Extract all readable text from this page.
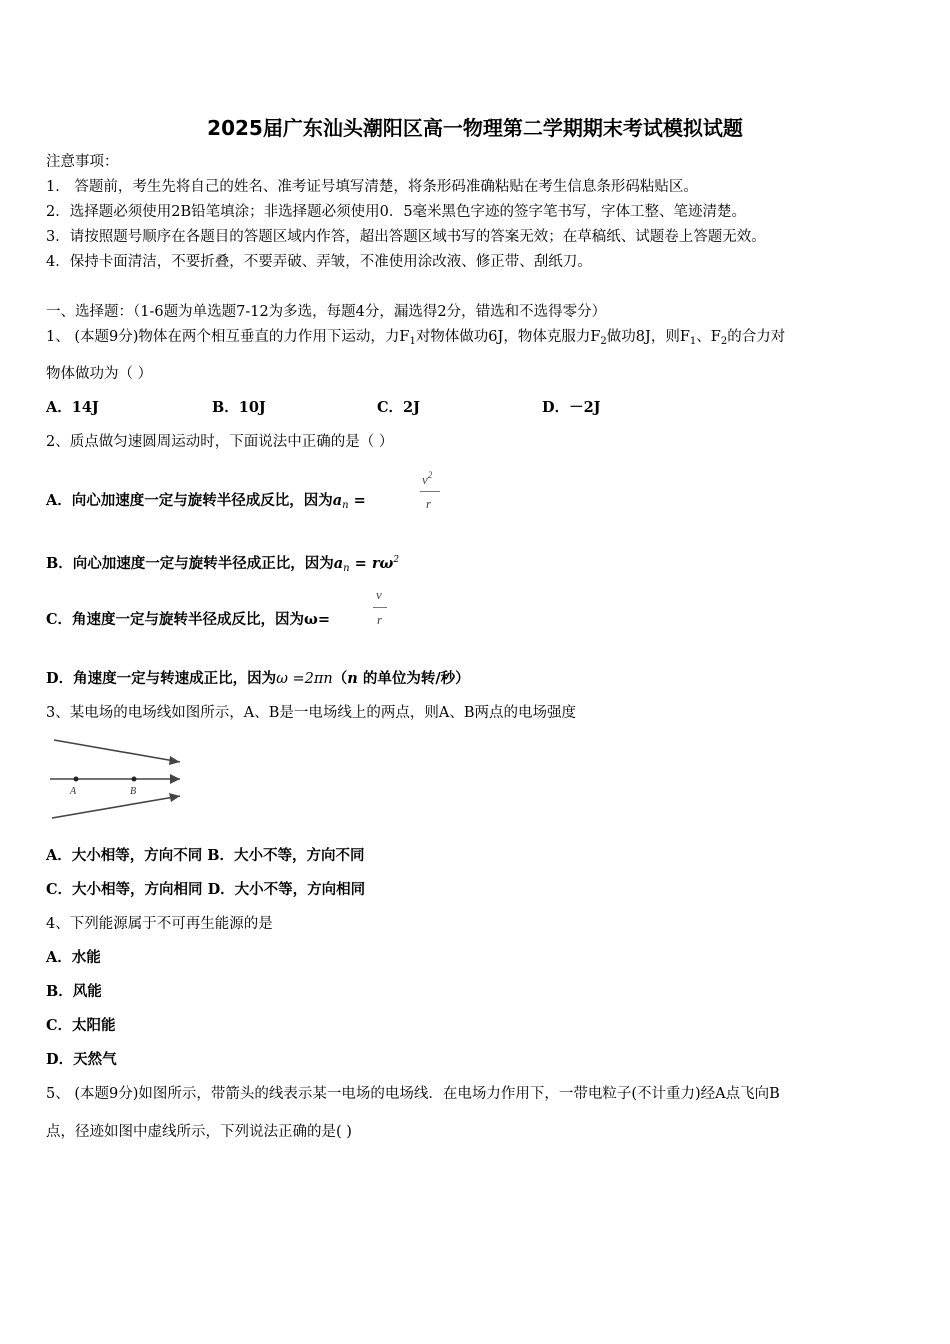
2025届广东汕头潮阳区高一物理第二学期期末考试模拟试题
注意事项：
1． 答题前，考生先将自己的姓名、准考证号填写清楚，将条形码准确粘贴在考生信息条形码粘贴区。
2．选择题必须使用2B铅笔填涂；非选择题必须使用0．5毫米黑色字迹的签字笔书写，字体工整、笔迹清楚。
3．请按照题号顺序在各题目的答题区域内作答，超出答题区域书写的答案无效；在草稿纸、试题卷上答题无效。
4．保持卡面清洁，不要折叠，不要弄破、弄皱，不准使用涂改液、修正带、刮纸刀。
一、选择题：（1-6题为单选题7-12为多选，每题4分，漏选得2分，错选和不选得零分）
1、 (本题9分)物体在两个相互垂直的力作用下运动，力$F_1$对物体做功6J，物体克服力$F_2$做功8J，则$F_1$、$F_2$的合力对
物体做功为（ ）
A．14J	B．10J	C．2J	D．－2J
2、质点做匀速圆周运动时，下面说法中正确的是（ ）
A．向心加速度一定与旋转半径成反比，因为$a_n$ =
$v^2$
r
B．向心加速度一定与旋转半径成正比，因为$a_n = r\omega^2$
C．角速度一定与旋转半径成反比，因为ω=
v
r
D．角速度一定与转速成正比，因为ω =2πn（n 的单位为转/秒）
3、某电场的电场线如图所示，A、B是一电场线上的两点，则A、B两点的电场强度
A	B
A．大小相等，方向不同 B．大小不等，方向不同
C．大小相等，方向相同 D．大小不等，方向相同
4、下列能源属于不可再生能源的是
A．水能
B．风能
C．太阳能
D．天然气
5、 (本题9分)如图所示，带箭头的线表示某一电场的电场线．在电场力作用下，一带电粒子(不计重力)经A点飞向B
点，径迹如图中虚线所示，下列说法正确的是( )
